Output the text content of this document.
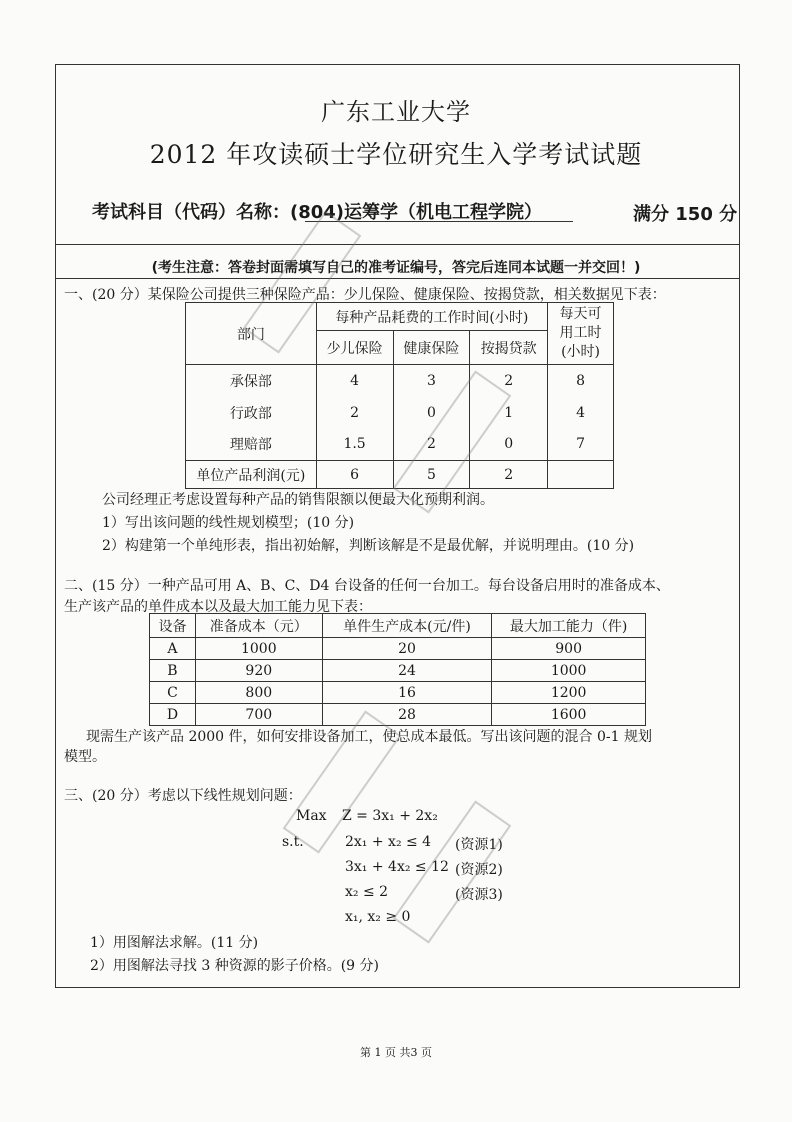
广东工业大学
2012 年攻读硕士学位研究生入学考试试题
考试科目（代码）名称：(804)运筹学（机电工程学院）	满分 150 分
(考生注意：答卷封面需填写自己的准考证编号，答完后连同本试题一并交回！)
一、(20 分）某保险公司提供三种保险产品：少儿保险、健康保险、按揭贷款，相关数据见下表：
部门	每种产品耗费的工作时间(小时)			每天可
用工时
(小时)

	少儿保险	健康保险	按揭贷款	
承保部	4	3	2	8
行政部	2	0	1	4
理赔部	1.5	2	0	7
单位产品利润(元)	6	5	2	
公司经理正考虑设置每种产品的销售限额以便最大化预期利润。
1）写出该问题的线性规划模型；(10 分)
2）构建第一个单纯形表，指出初始解，判断该解是不是最优解，并说明理由。(10 分)
二、(15 分）一种产品可用 A、B、C、D4 台设备的任何一台加工。每台设备启用时的准备成本、
生产该产品的单件成本以及最大加工能力见下表：
设备	准备成本（元）	单件生产成本(元/件)	最大加工能力（件)
A	1000	20	900
B	920	24	1000
C	800	16	1200
D	700	28	1600
现需生产该产品 2000 件，如何安排设备加工，使总成本最低。写出该问题的混合 0-1 规划
模型。
三、(20 分）考虑以下线性规划问题：
Max Z = 3x₁ + 2x₂
s.t.	2x₁ + x₂ ≤ 4 (资源1)
3x₁ + 4x₂ ≤ 12 (资源2)
x₂ ≤ 2	(资源3)
x₁, x₂ ≥ 0
1）用图解法求解。(11 分)
2）用图解法寻找 3 种资源的影子价格。(9 分)
第 1 页 共3 页
